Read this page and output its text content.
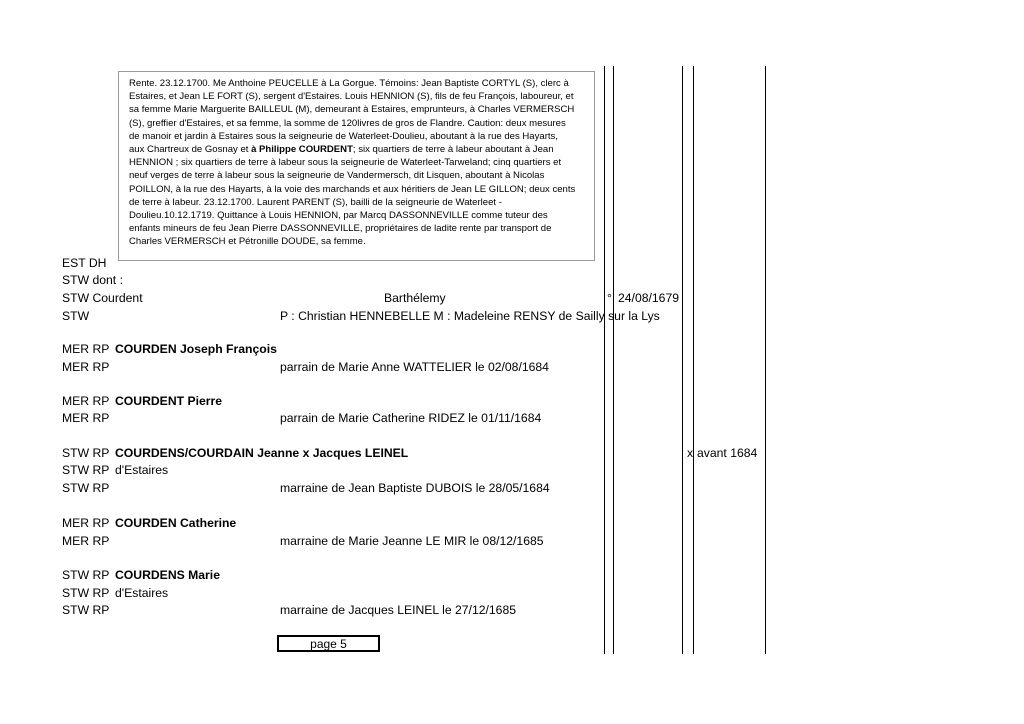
Rente. 23.12.1700. Me Anthoine PEUCELLE à La Gorgue. Témoins: Jean Baptiste CORTYL (S), clerc à
Estaires, et Jean LE FORT (S), sergent d'Estaires. Louis HENNION (S), fils de feu François, laboureur, et
sa femme Marie Marguerite BAILLEUL (M), demeurant à Estaires, emprunteurs, à Charles VERMERSCH
(S), greffier d'Estaires, et sa femme, la somme de 120livres de gros de Flandre. Caution: deux mesures
de manoir et jardin à Estaires sous la seigneurie de Waterleet-Doulieu, aboutant à la rue des Hayarts,
aux Chartreux de Gosnay et à Philippe COURDENT; six quartiers de terre à labeur aboutant à Jean
HENNION ; six quartiers de terre à labeur sous la seigneurie de Waterleet-Tarweland; cinq quartiers et
neuf verges de terre à labeur sous la seigneurie de Vandermersch, dit Lisquen, aboutant à Nicolas
POILLON, à la rue des Hayarts, à la voie des marchands et aux héritiers de Jean LE GILLON; deux cents
de terre à labeur. 23.12.1700. Laurent PARENT (S), bailli de la seigneurie de Waterleet -
Doulieu.10.12.1719. Quittance à Louis HENNION, par Marcq DASSONNEVILLE comme tuteur des
enfants mineurs de feu Jean Pierre DASSONNEVILLE, propriétaires de ladite rente par transport de
Charles VERMERSCH et Pétronille DOUDE, sa femme.
EST DH
STW dont :
STW Courdent	Barthélemy	° 24/08/1679
STW	P : Christian HENNEBELLE M : Madeleine RENSY de Sailly sur la Lys
MER RP COURDEN Joseph François
MER RP	parrain de Marie Anne WATTELIER le 02/08/1684
MER RP COURDENT Pierre
MER RP	parrain de Marie Catherine RIDEZ le 01/11/1684
STW RP COURDENS/COURDAIN Jeanne x Jacques LEINEL	x avant 1684
STW RP d'Estaires
STW RP	marraine de Jean Baptiste DUBOIS le 28/05/1684
MER RP COURDEN Catherine
MER RP	marraine de Marie Jeanne LE MIR le 08/12/1685
STW RP COURDENS Marie
STW RP d'Estaires
STW RP	marraine de Jacques LEINEL le 27/12/1685
page 5
